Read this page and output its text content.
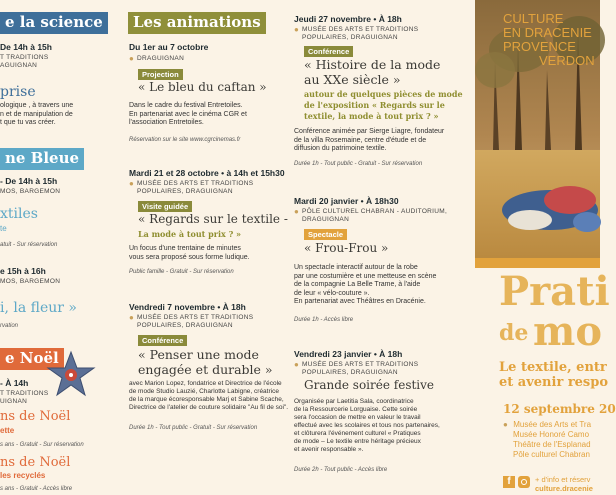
e la science
De 14h à 15h
T TRADITIONS
AGUIGNAN
prise
ologique , à travers une
n et de manipulation de
t que tu vas créer.
ne Bleue
- De 14h à 15h
MOS, BARGEMON
xtiles
te
atuit - Sur réservation
e 15h à 16h
MOS, BARGEMON
i, la fleur »
rvation
e Noël
- À 14h
T TRADITIONS
UIGNAN
ns de Noël
ette
s ans - Gratuit - Sur réservation
ns de Noël
les recyclés
s ans - Gratuit - Accès libre
Les animations
Du 1er au 7 octobre
● DRAGUIGNAN
Projection
« Le bleu du caftan »
Dans le cadre du festival Entretoiles.
En partenariat avec le cinéma CGR et
l'association Entretoiles.
Réservation sur le site www.cgrcinemas.fr
Mardi 21 et 28 octobre • à 14h et 15h30
● MUSÉE DES ARTS ET TRADITIONS
POPULAIRES, DRAGUIGNAN
Visite guidée
« Regards sur le textile -
La mode à tout prix ? »
Un focus d'une trentaine de minutes
vous sera proposé sous forme ludique.
Public famille - Gratuit - Sur réservation
Vendredi 7 novembre • À 18h
● MUSÉE DES ARTS ET TRADITIONS
POPULAIRES, DRAGUIGNAN
Conférence
« Penser une mode
engagée et durable »
avec Marion Lopez, fondatrice et Directrice de l'école
de mode Studio Lauzié, Charlotte Labigne, créatrice
de la marque écoresponsable Marj et Sabine Scache,
Directrice de l'atelier de couture solidaire "Au fil de soi".
Durée 1h - Tout public - Gratuit - Sur réservation
Jeudi 27 novembre • À 18h
● MUSÉE DES ARTS ET TRADITIONS
POPULAIRES, DRAGUIGNAN
Conférence
« Histoire de la mode
au XXe siècle »
autour de quelques pièces de mode
de l'exposition « Regards sur le
textile, la mode à tout prix ? »
Conférence animée par Sierge Liagre, fondateur
de la villa Rosemaine, centre d'étude et de
diffusion du patrimoine textile.
Durée 1h - Tout public - Gratuit - Sur réservation
Mardi 20 janvier • À 18h30
● PÔLE CULTUREL CHABRAN - AUDITORIUM,
DRAGUIGNAN
Spectacle
« Frou-Frou »
Un spectacle interactif autour de la robe
par une costumière et une metteuse en scène
de la compagnie La Belle Trame, à l'aide
de leur « vélo-couture ».
En partenariat avec Théâtres en Dracénie.
Durée 1h - Accès libre
Vendredi 23 janvier • À 18h
● MUSÉE DES ARTS ET TRADITIONS
POPULAIRES, DRAGUIGNAN
Grande soirée festive
Organisée par Laetitia Sala, coordinatrice
de la Ressourcerie Lorguaise. Cette soirée
sera l'occasion de mettre en valeur le travail
effectué avec les scolaires et tous nos partenaires,
et clôturera l'événement culturel « Pratiques
de mode – Le textile entre héritage précieux
et avenir responsable ».
Durée 2h - Tout public - Accès libre
CULTURE
EN DRACENIE
PROVENCE
VERDON
Prati
de mo
Le textile, entr
et avenir respo
12 septembre 20
● Musée des Arts et Tra
Musée Honoré Camo
Théâtre de l'Esplanad
Pôle culturel Chabran
f	+ d'info et réserv
culture.dracenie
